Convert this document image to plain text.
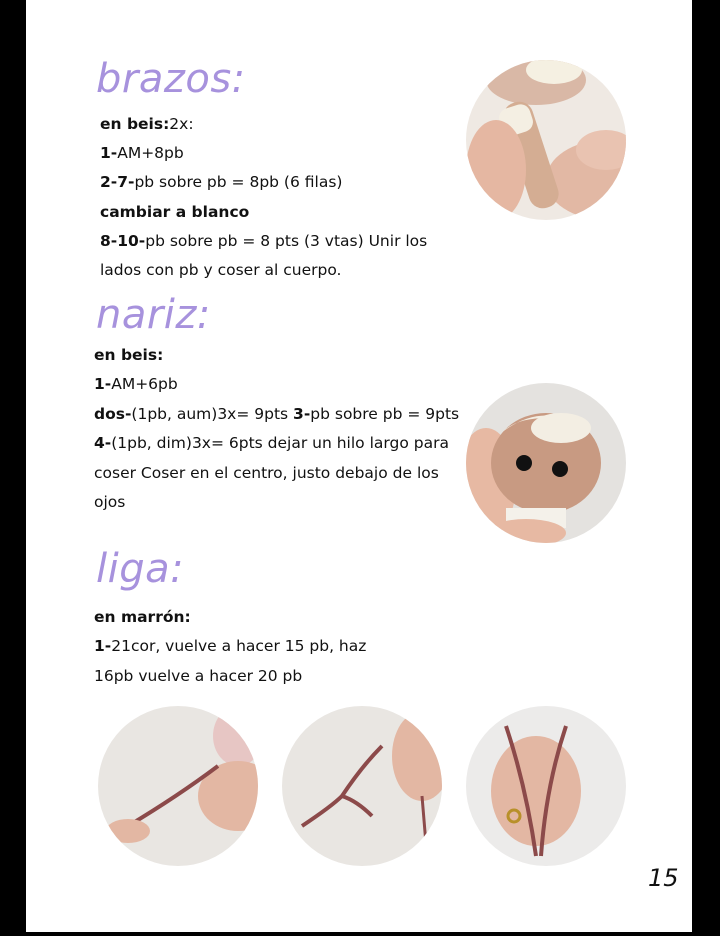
brazos:
en beis:2x:
1-AM+8pb
2-7-pb sobre pb = 8pb (6 filas)
cambiar a blanco
8-10-pb sobre pb = 8 pts (3 vtas) Unir los
lados con pb y coser al cuerpo.
nariz:
en beis:
1-AM+6pb
dos-(1pb, aum)3x= 9pts 3-pb sobre pb = 9pts
4-(1pb, dim)3x= 6pts dejar un hilo largo para
coser Coser en el centro, justo debajo de los
ojos
liga:
en marrón:
1-21cor, vuelve a hacer 15 pb, haz
16pb vuelve a hacer 20 pb
15
